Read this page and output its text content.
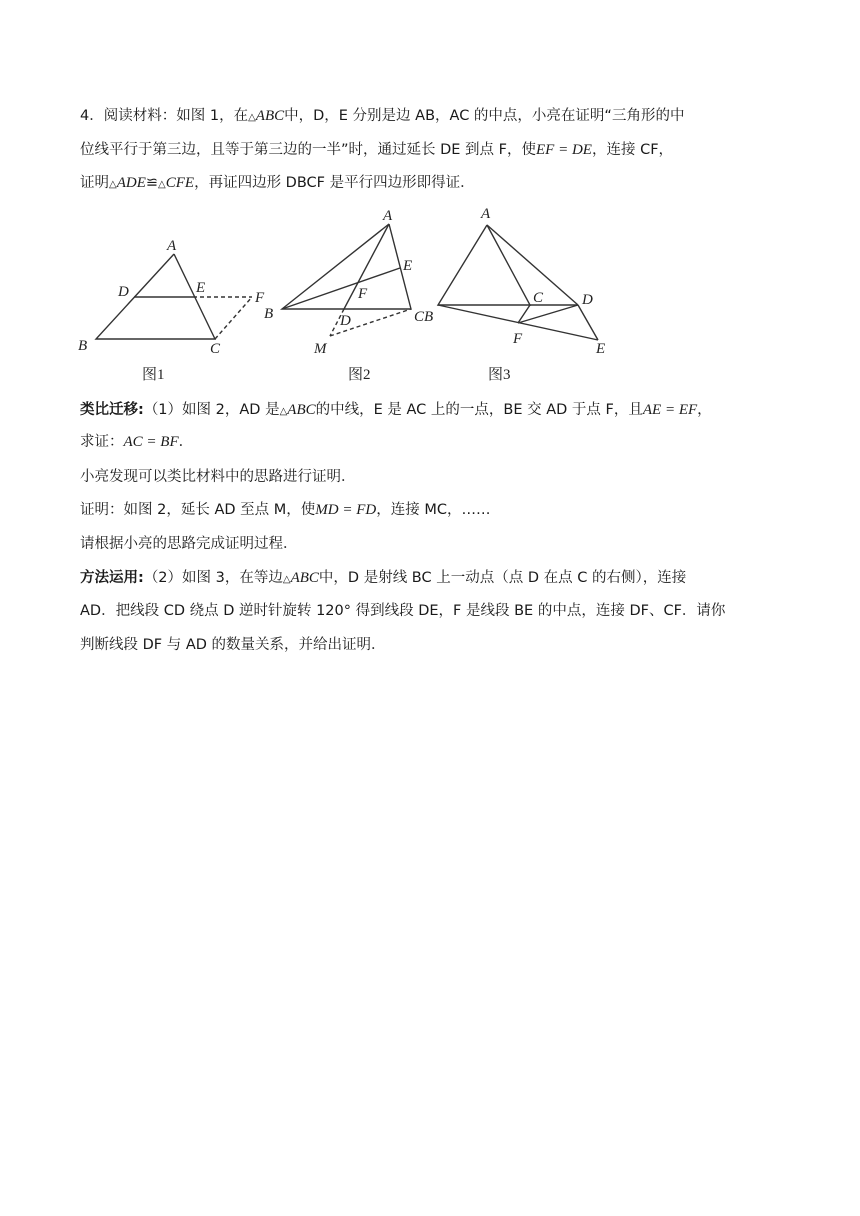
4．阅读材料：如图 1，在△ABC中，D，E 分别是边 AB，AC 的中点，小亮在证明“三角形的中
位线平行于第三边，且等于第三边的一半”时，通过延长 DE 到点 F，使EF = DE，连接 CF，
证明△ADE≌△CFE，再证四边形 DBCF 是平行四边形即得证．
A
B	C
D	E
F
图1
A
B	CB
D
E
F
M
图2
A
C	D
E
F
图3
类比迁移:（1）如图 2，AD 是△ABC的中线，E 是 AC 上的一点，BE 交 AD 于点 F，且AE = EF，
求证：AC = BF．
小亮发现可以类比材料中的思路进行证明．
证明：如图 2，延长 AD 至点 M，使MD = FD，连接 MC，……
请根据小亮的思路完成证明过程．
方法运用:（2）如图 3，在等边△ABC中，D 是射线 BC 上一动点（点 D 在点 C 的右侧），连接
AD．把线段 CD 绕点 D 逆时针旋转 120° 得到线段 DE，F 是线段 BE 的中点，连接 DF、CF．请你
判断线段 DF 与 AD 的数量关系，并给出证明．
